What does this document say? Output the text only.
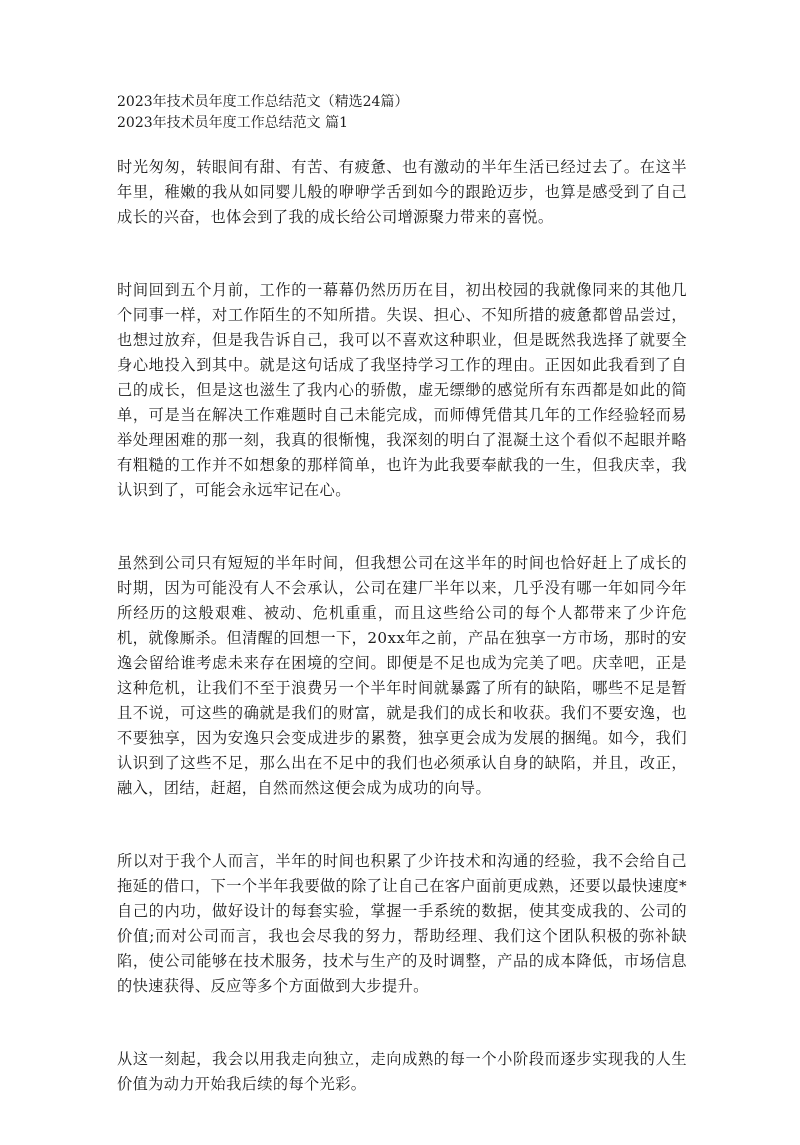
2023年技术员年度工作总结范文（精选24篇）

2023年技术员年度工作总结范文 篇1

时光匆匆，转眼间有甜、有苦、有疲惫、也有激动的半年生活已经过去了。在这半年里，稚嫩的我从如同婴儿般的咿咿学舌到如今的跟跄迈步，也算是感受到了自己成长的兴奋，也体会到了我的成长给公司增源聚力带来的喜悦。

时间回到五个月前，工作的一幕幕仍然历历在目，初出校园的我就像同来的其他几个同事一样，对工作陌生的不知所措。失误、担心、不知所措的疲惫都曾品尝过，也想过放弃，但是我告诉自己，我可以不喜欢这种职业，但是既然我选择了就要全身心地投入到其中。就是这句话成了我坚持学习工作的理由。正因如此我看到了自己的成长，但是这也滋生了我内心的骄傲，虚无缥缈的感觉所有东西都是如此的简单，可是当在解决工作难题时自己未能完成，而师傅凭借其几年的工作经验轻而易举处理困难的那一刻，我真的很惭愧，我深刻的明白了混凝土这个看似不起眼并略有粗糙的工作并不如想象的那样简单，也许为此我要奉献我的一生，但我庆幸，我认识到了，可能会永远牢记在心。

虽然到公司只有短短的半年时间，但我想公司在这半年的时间也恰好赶上了成长的时期，因为可能没有人不会承认，公司在建厂半年以来，几乎没有哪一年如同今年所经历的这般艰难、被动、危机重重，而且这些给公司的每个人都带来了少许危机，就像厮杀。但清醒的回想一下，20xx年之前，产品在独享一方市场，那时的安逸会留给谁考虑未来存在困境的空间。即便是不足也成为完美了吧。庆幸吧，正是这种危机，让我们不至于浪费另一个半年时间就暴露了所有的缺陷，哪些不足是暂且不说，可这些的确就是我们的财富，就是我们的成长和收获。我们不要安逸，也不要独享，因为安逸只会变成进步的累赘，独享更会成为发展的捆绳。如今，我们认识到了这些不足，那么出在不足中的我们也必须承认自身的缺陷，并且，改正，融入，团结，赶超，自然而然这便会成为成功的向导。

所以对于我个人而言，半年的时间也积累了少许技术和沟通的经验，我不会给自己拖延的借口，下一个半年我要做的除了让自己在客户面前更成熟，还要以最快速度*自己的内功，做好设计的每套实验，掌握一手系统的数据，使其变成我的、公司的价值;而对公司而言，我也会尽我的努力，帮助经理、我们这个团队积极的弥补缺陷，使公司能够在技术服务，技术与生产的及时调整，产品的成本降低，市场信息的快速获得、反应等多个方面做到大步提升。

从这一刻起，我会以用我走向独立，走向成熟的每一个小阶段而逐步实现我的人生价值为动力开始我后续的每个光彩。
